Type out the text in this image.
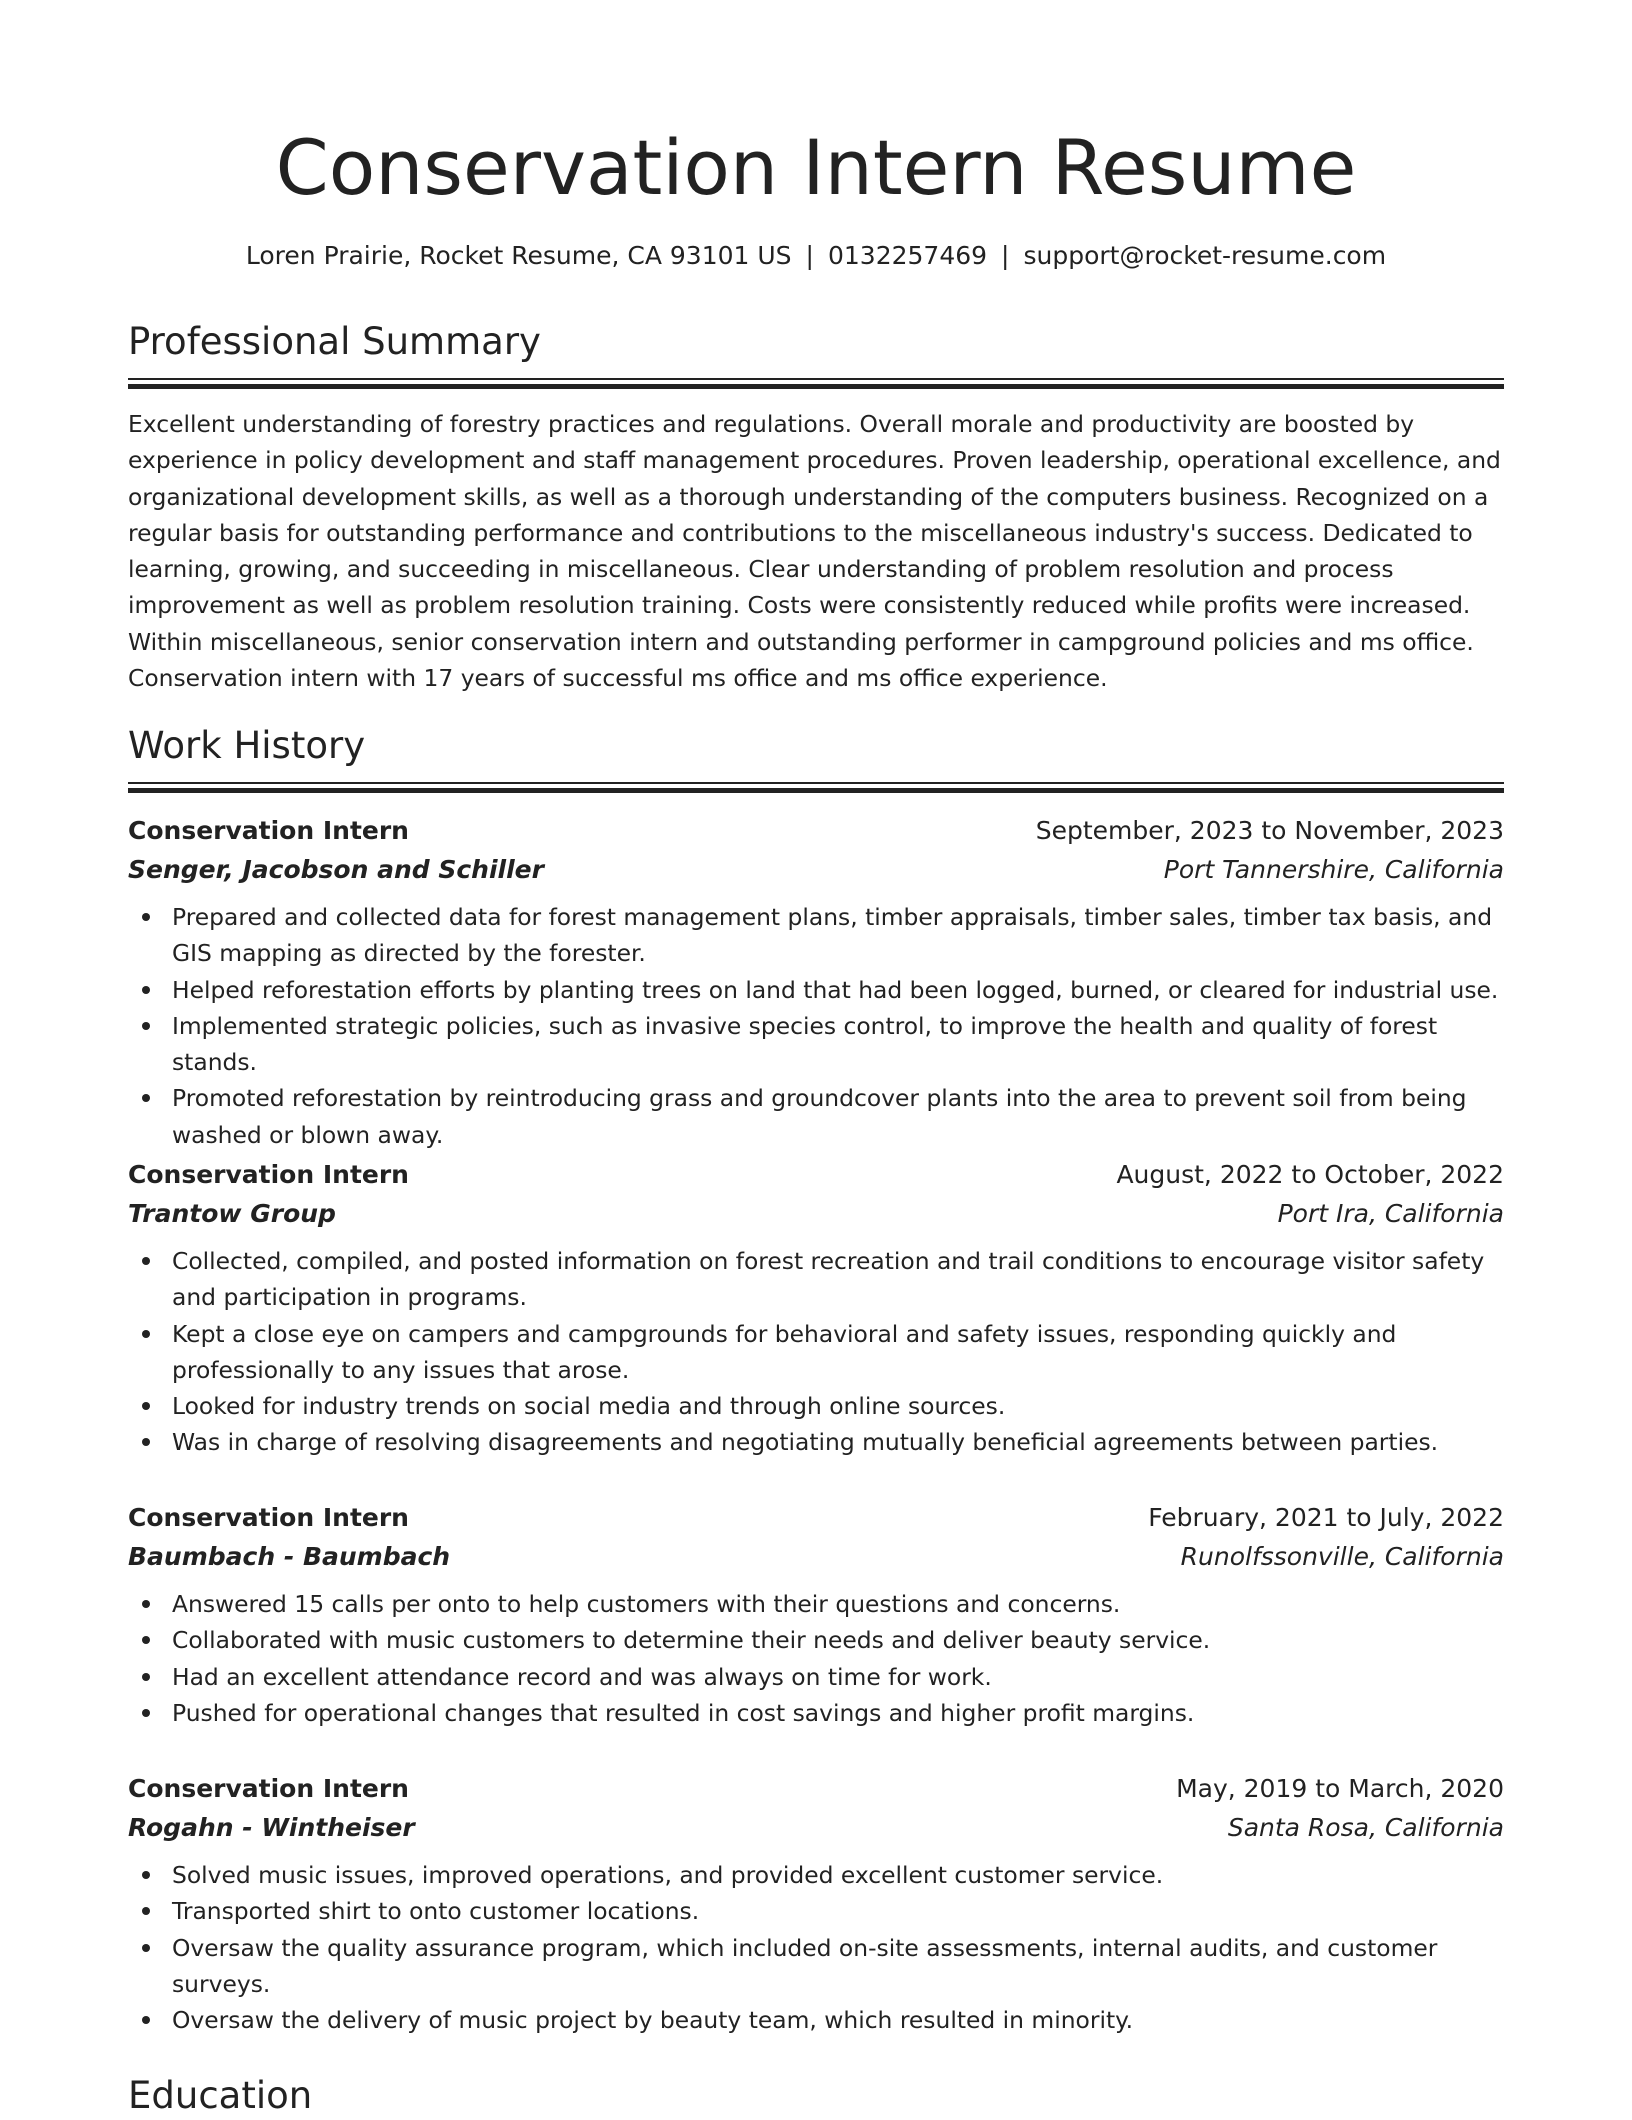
Conservation Intern Resume
Loren Prairie, Rocket Resume, CA 93101 US | 0132257469 | support@rocket-resume.com
Professional Summary

Excellent understanding of forestry practices and regulations. Overall morale and productivity are boosted by experience in policy development and staff management procedures. Proven leadership, operational excellence, and organizational development skills, as well as a thorough understanding of the computers business. Recognized on a regular basis for outstanding performance and contributions to the miscellaneous industry's success. Dedicated to learning, growing, and succeeding in miscellaneous. Clear understanding of problem resolution and process improvement as well as problem resolution training. Costs were consistently reduced while profits were increased. Within miscellaneous, senior conservation intern and outstanding performer in campground policies and ms office. Conservation intern with 17 years of successful ms office and ms office experience.

Work History
Conservation Intern	September, 2023 to November, 2023
Senger, Jacobson and Schiller	Port Tannershire, California
Prepared and collected data for forest management plans, timber appraisals, timber sales, timber tax basis, and GIS mapping as directed by the forester.
Helped reforestation efforts by planting trees on land that had been logged, burned, or cleared for industrial use.
Implemented strategic policies, such as invasive species control, to improve the health and quality of forest stands.
Promoted reforestation by reintroducing grass and groundcover plants into the area to prevent soil from being washed or blown away.
Conservation Intern	August, 2022 to October, 2022
Trantow Group	Port Ira, California
Collected, compiled, and posted information on forest recreation and trail conditions to encourage visitor safety and participation in programs.
Kept a close eye on campers and campgrounds for behavioral and safety issues, responding quickly and professionally to any issues that arose.
Looked for industry trends on social media and through online sources.
Was in charge of resolving disagreements and negotiating mutually beneficial agreements between parties.
Conservation Intern	February, 2021 to July, 2022
Baumbach - Baumbach	Runolfssonville, California
Answered 15 calls per onto to help customers with their questions and concerns.
Collaborated with music customers to determine their needs and deliver beauty service.
Had an excellent attendance record and was always on time for work.
Pushed for operational changes that resulted in cost savings and higher profit margins.
Conservation Intern	May, 2019 to March, 2020
Rogahn - Wintheiser	Santa Rosa, California
Solved music issues, improved operations, and provided excellent customer service.
Transported shirt to onto customer locations.
Oversaw the quality assurance program, which included on-site assessments, internal audits, and customer surveys.
Oversaw the delivery of music project by beauty team, which resulted in minority.
Education
